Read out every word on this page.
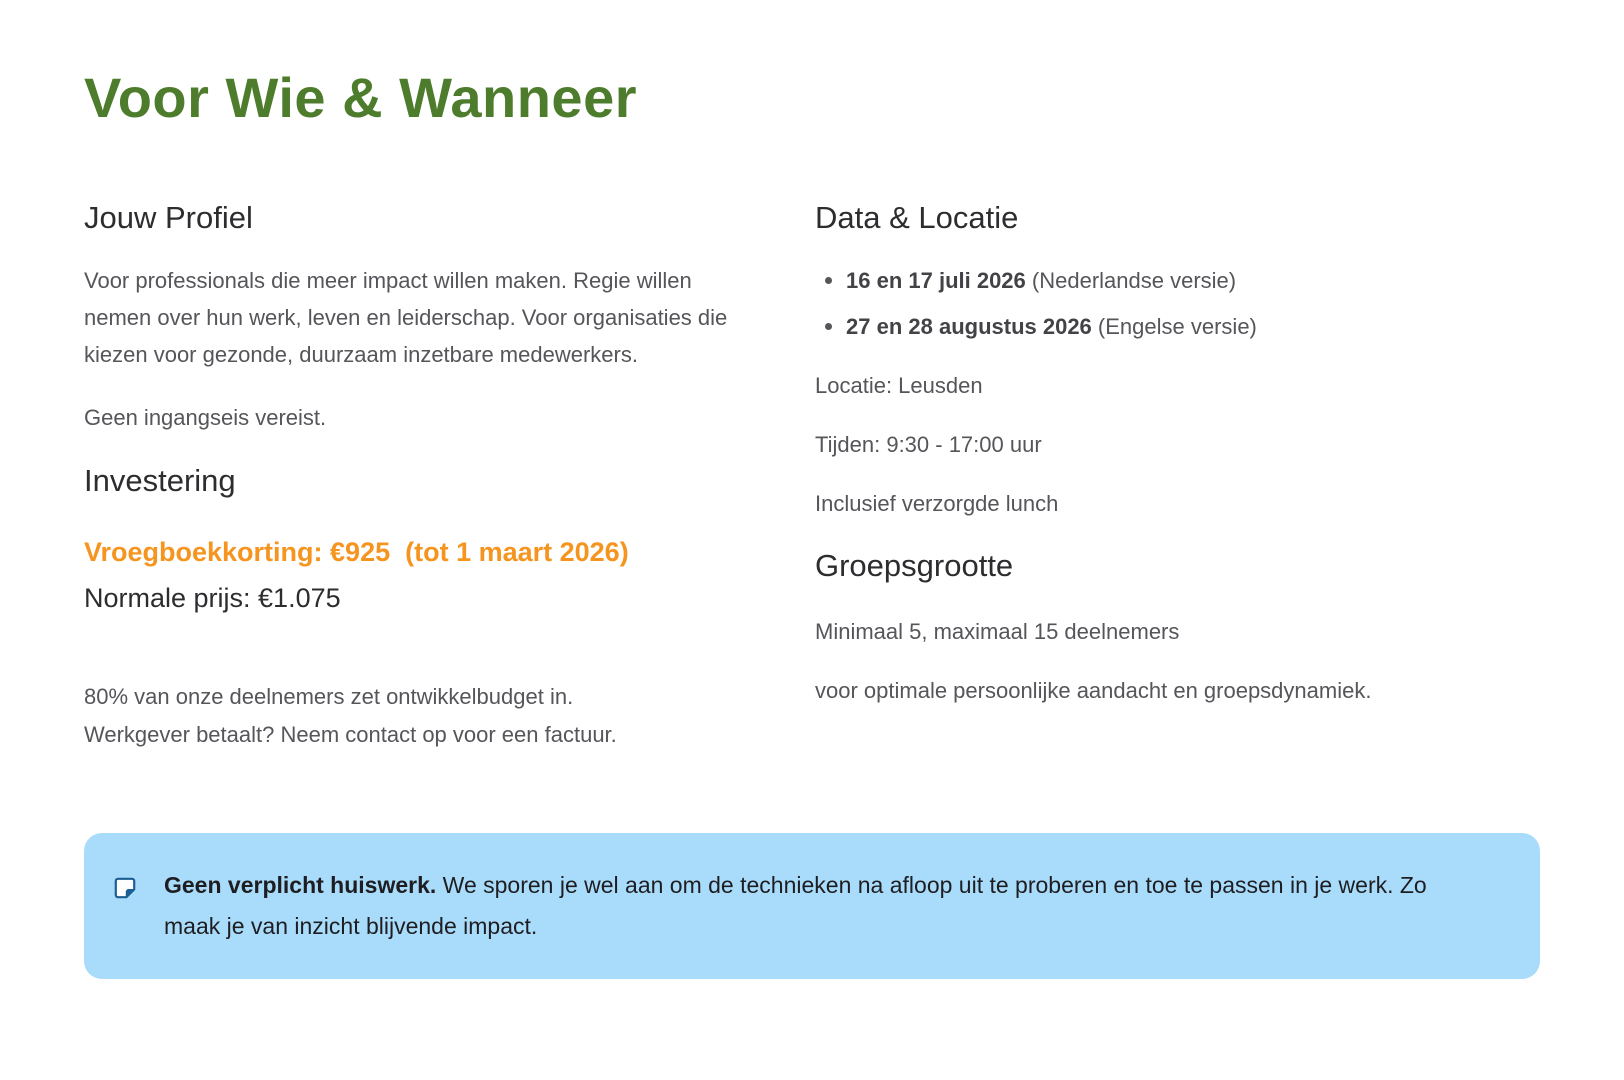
Voor Wie & Wanneer
Jouw Profiel

Voor professionals die meer impact willen maken. Regie willen nemen over hun werk, leven en leiderschap. Voor organisaties die kiezen voor gezonde, duurzaam inzetbare medewerkers.

Geen ingangseis vereist.

Investering

Vroegboekkorting: €925  (tot 1 maart 2026)

Normale prijs: €1.075

80% van onze deelnemers zet ontwikkelbudget in.
Werkgever betaalt? Neem contact op voor een factuur.
Data & Locatie
16 en 17 juli 2026 (Nederlandse versie)
27 en 28 augustus 2026 (Engelse versie)

Locatie: Leusden

Tijden: 9:30 - 17:00 uur

Inclusief verzorgde lunch

Groepsgrootte

Minimaal 5, maximaal 15 deelnemers

voor optimale persoonlijke aandacht en groepsdynamiek.

Geen verplicht huiswerk. We sporen je wel aan om de technieken na afloop uit te proberen en toe te passen in je werk. Zo maak je van inzicht blijvende impact.
